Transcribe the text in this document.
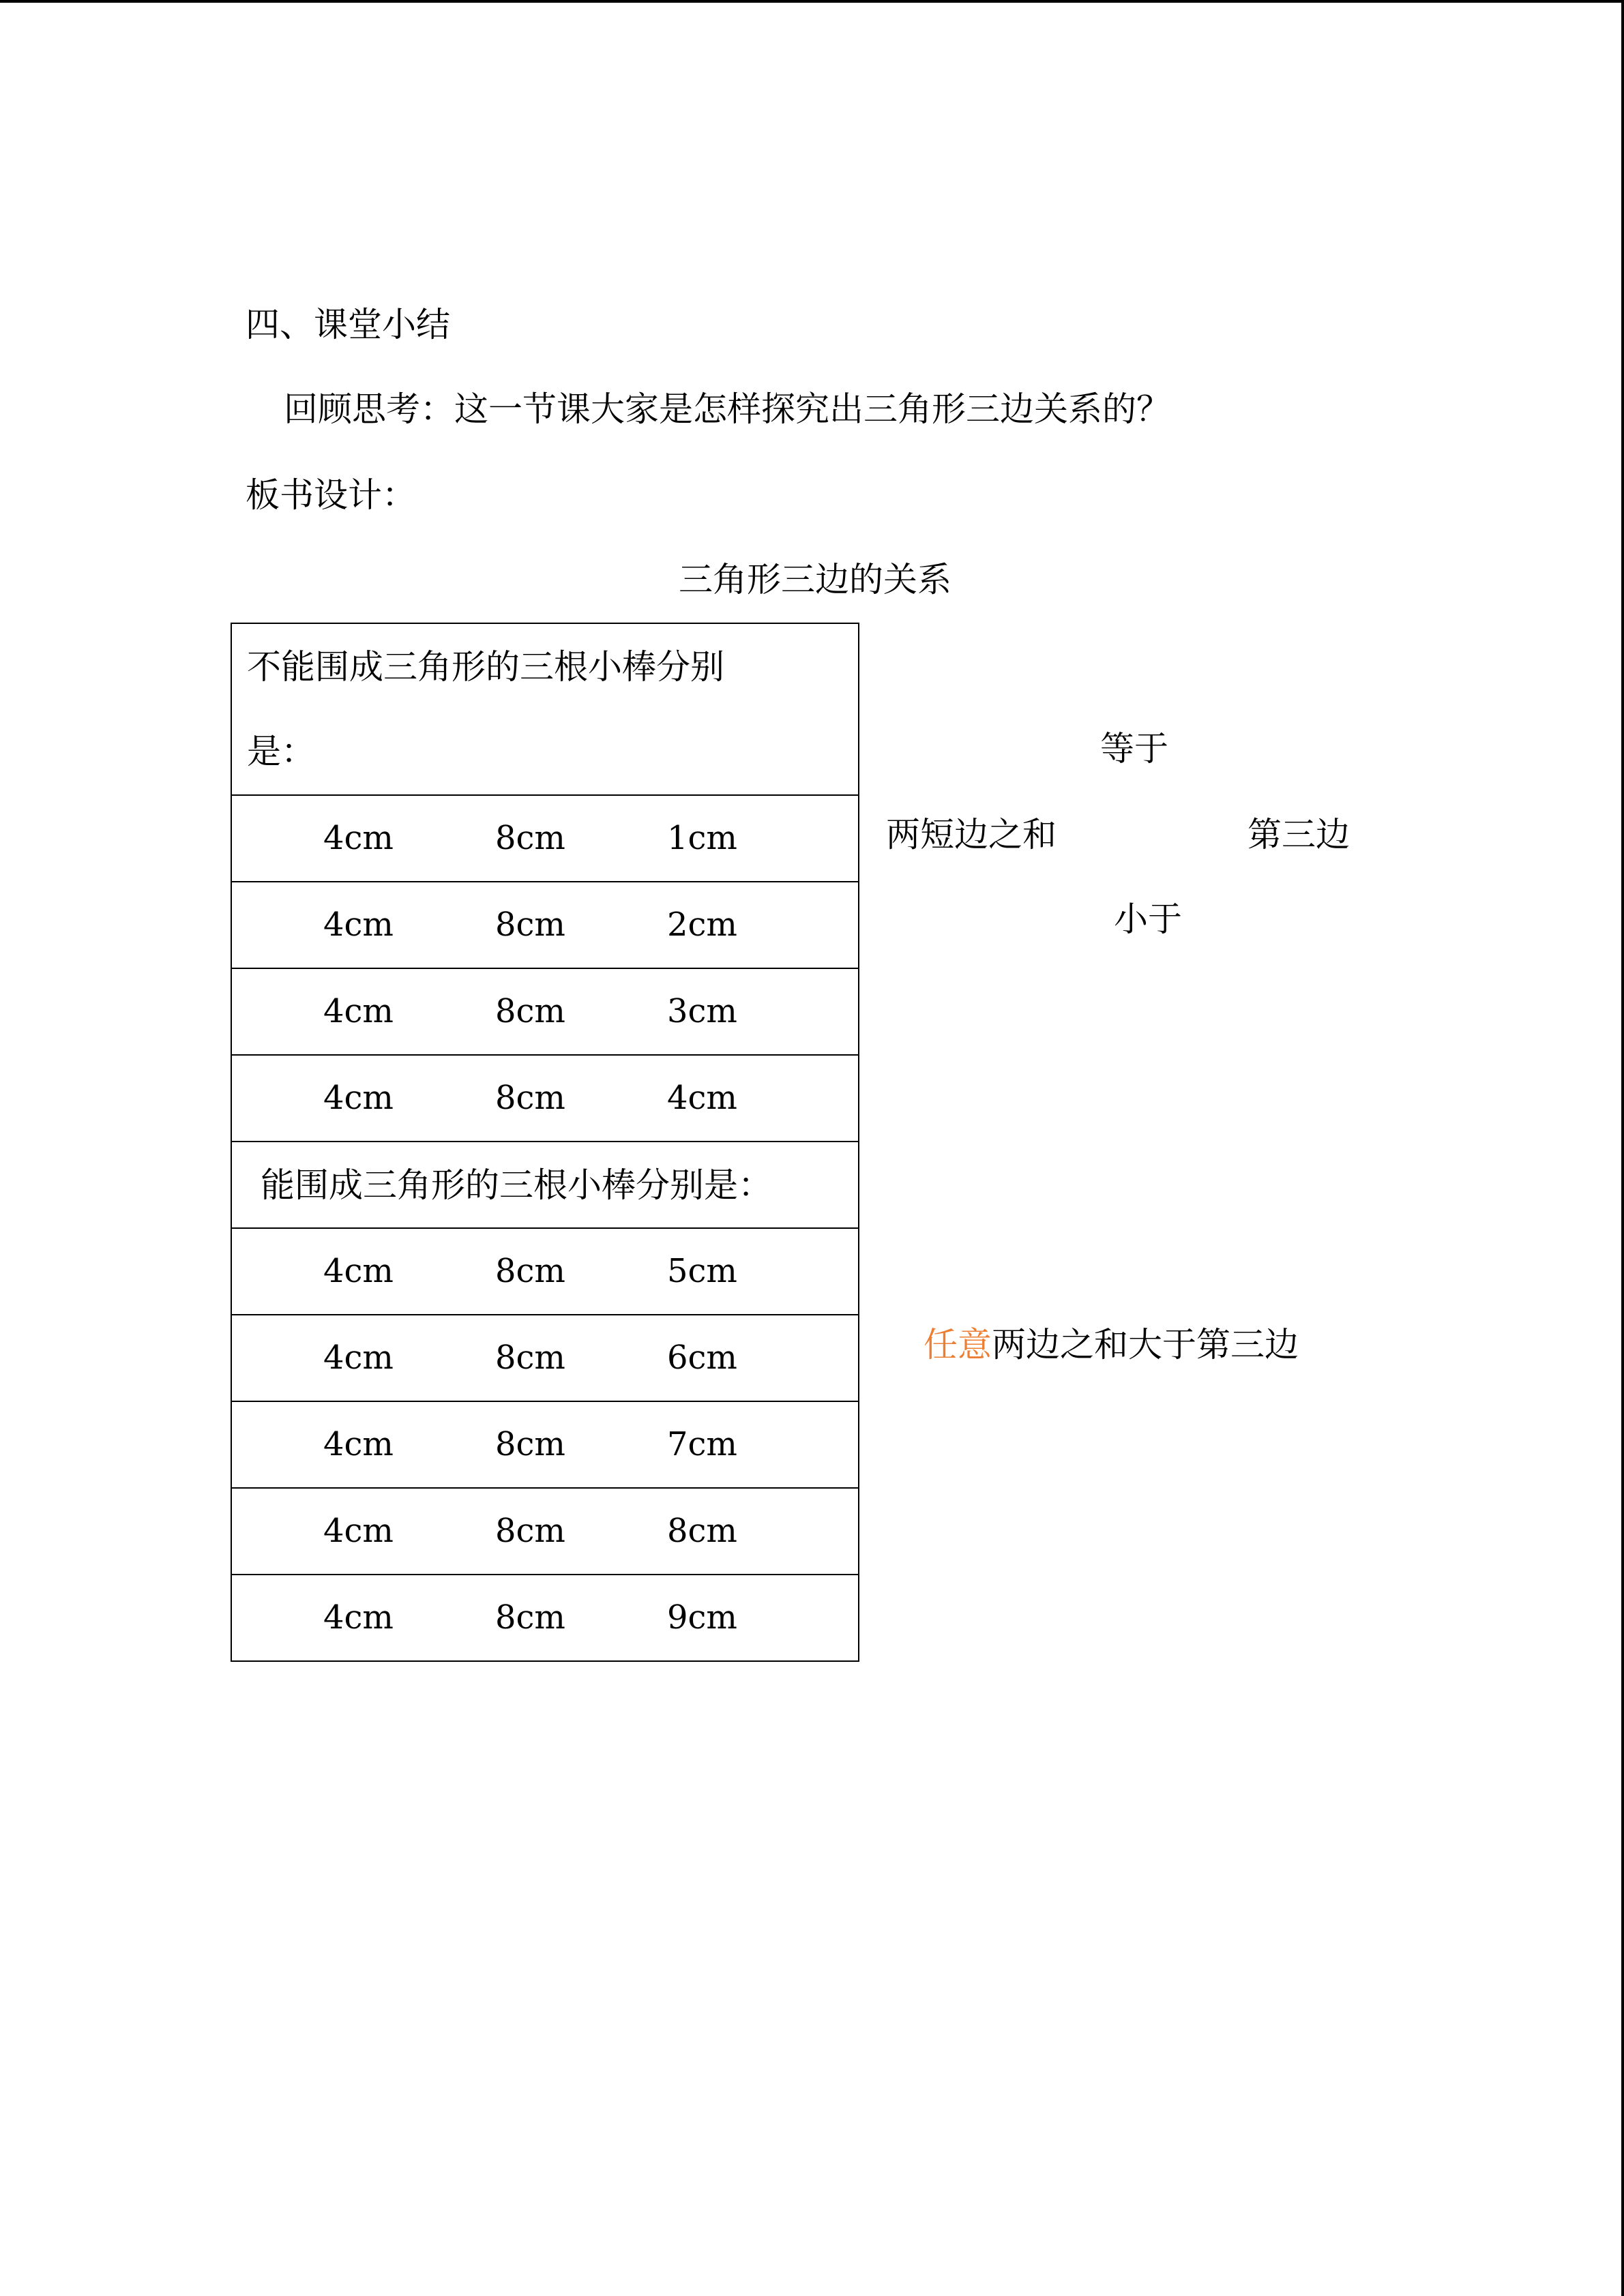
四、课堂小结
回顾思考：这一节课大家是怎样探究出三角形三边关系的？
板书设计：
三角形三边的关系
不能围成三角形的三根小棒分别
是：

4cm	8cm	1cm

4cm	8cm	2cm

4cm	8cm	3cm

4cm	8cm	4cm

能围成三角形的三根小棒分别是：

4cm	8cm	5cm

4cm	8cm	6cm

4cm	8cm	7cm

4cm	8cm	8cm

4cm	8cm	9cm
等于
两短边之和	第三边
小于
任意两边之和大于第三边
